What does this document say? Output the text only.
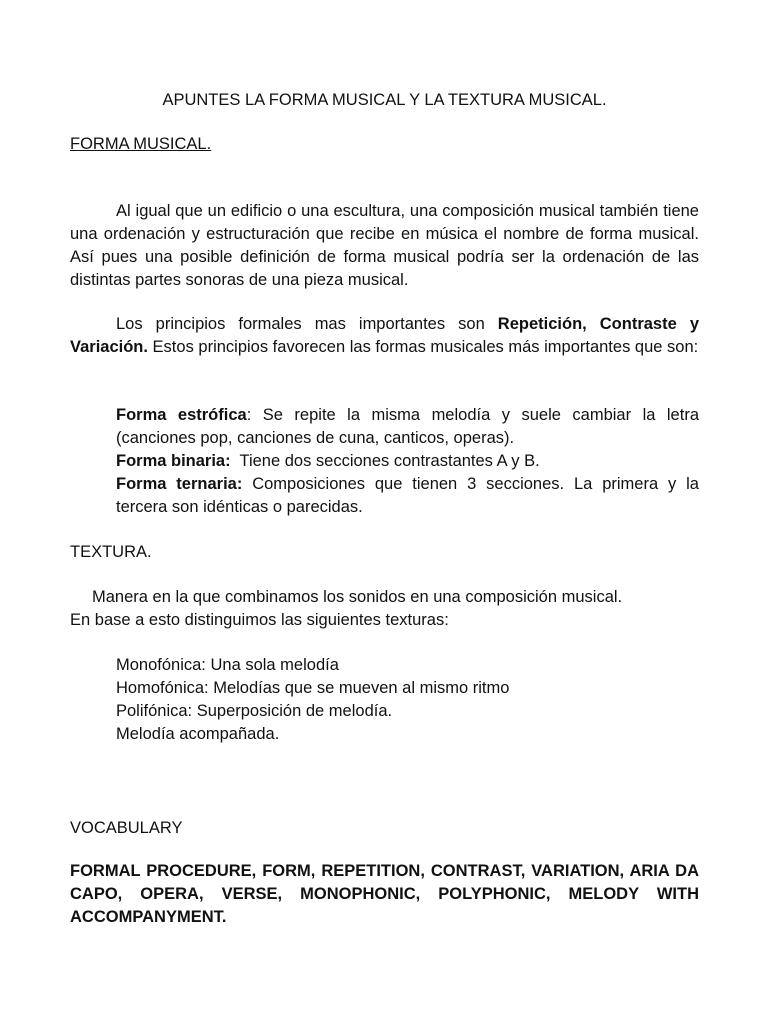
APUNTES LA FORMA MUSICAL Y LA TEXTURA MUSICAL.
FORMA MUSICAL.
Al igual que un edificio o una escultura, una composición musical también tiene una ordenación y estructuración que recibe en música el nombre de forma musical. Así pues una posible definición de forma musical podría ser la ordenación de las distintas partes sonoras de una pieza musical.
Los principios formales mas importantes son Repetición, Contraste y Variación. Estos principios favorecen las formas musicales más importantes que son:
Forma estrófica: Se repite la misma melodía y suele cambiar la letra (canciones pop, canciones de cuna, canticos, operas).
Forma binaria: Tiene dos secciones contrastantes A y B.
Forma ternaria: Composiciones que tienen 3 secciones. La primera y la tercera son idénticas o parecidas.
TEXTURA.
Manera en la que combinamos los sonidos en una composición musical.
En base a esto distinguimos las siguientes texturas:
Monofónica: Una sola melodía
Homofónica: Melodías que se mueven al mismo ritmo
Polifónica: Superposición de melodía.
Melodía acompañada.
VOCABULARY
FORMAL PROCEDURE, FORM, REPETITION, CONTRAST, VARIATION, ARIA DA CAPO, OPERA, VERSE, MONOPHONIC, POLYPHONIC, MELODY WITH ACCOMPANYMENT.
